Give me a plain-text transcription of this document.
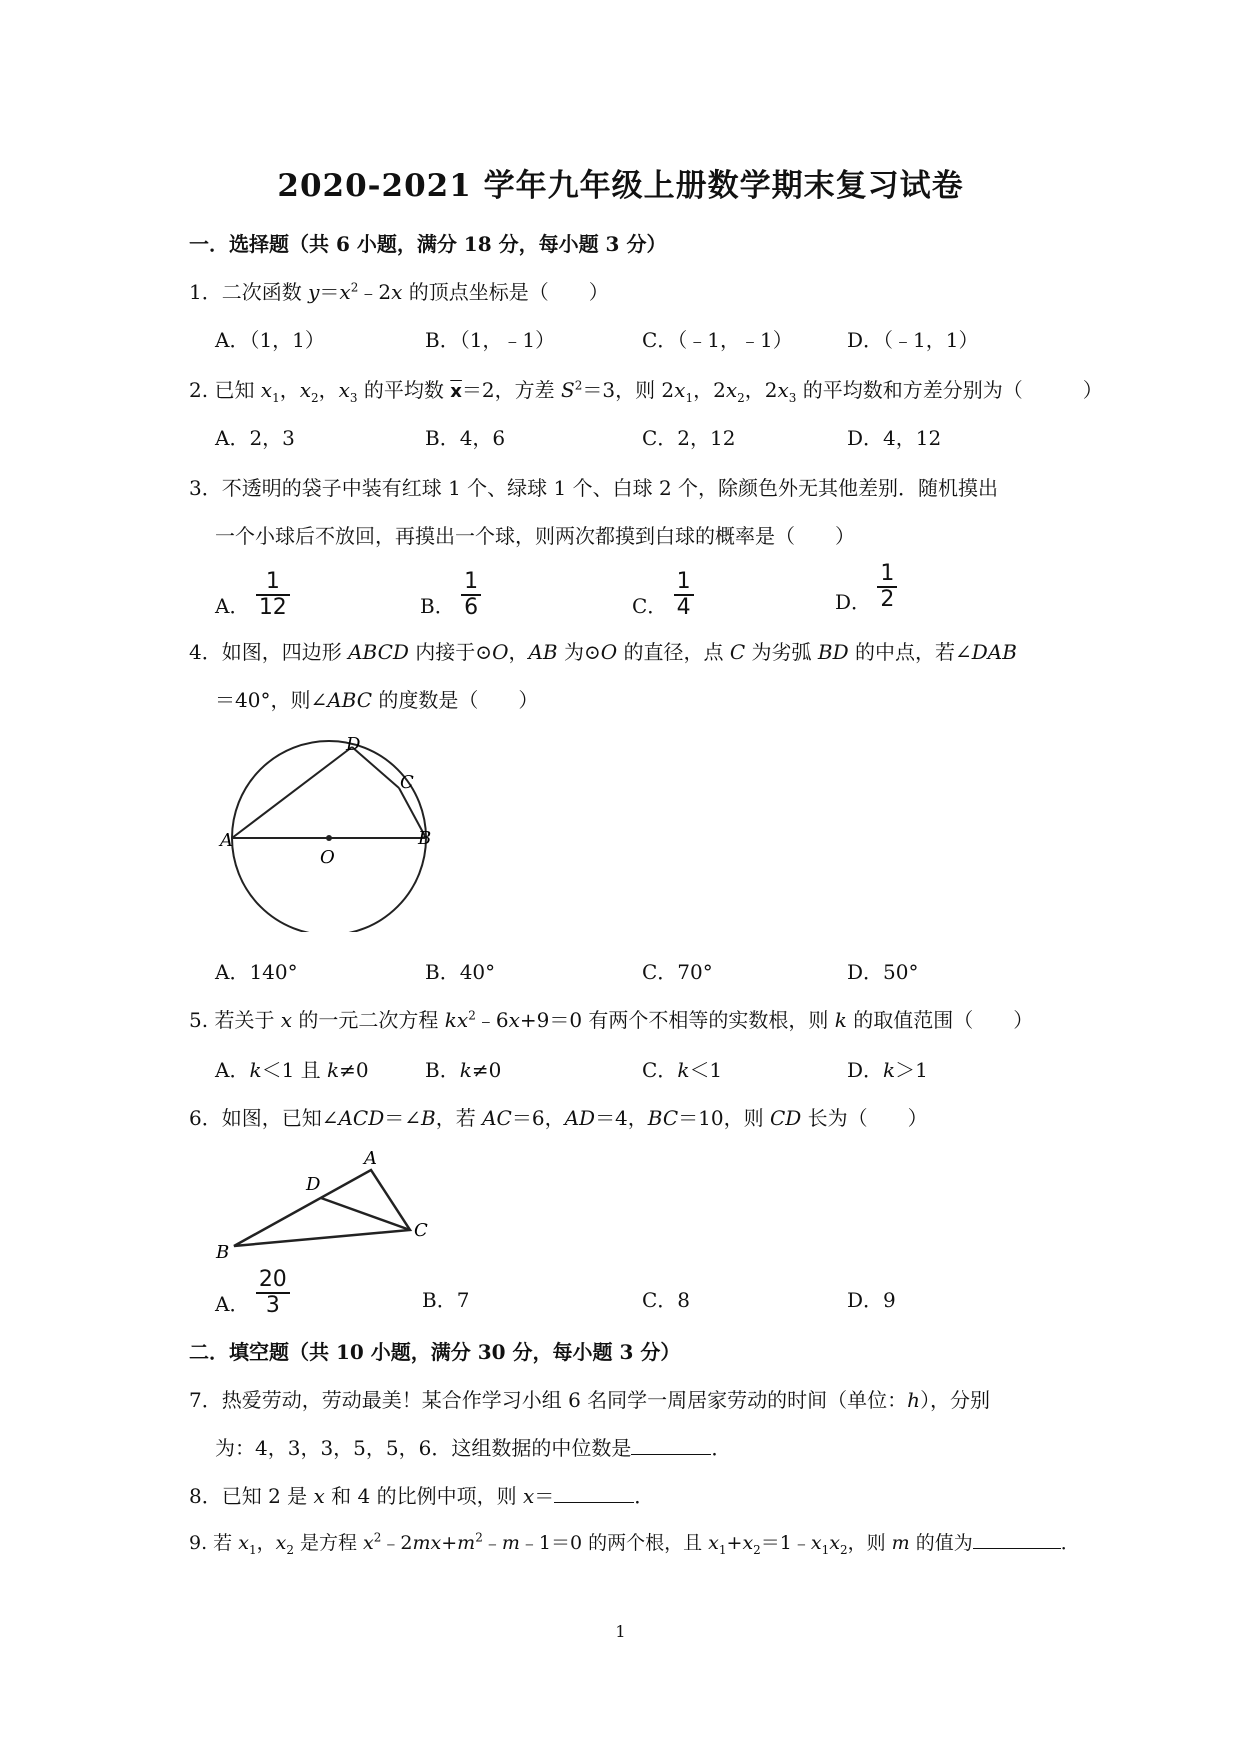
2020-2021 学年九年级上册数学期末复习试卷
一．选择题（共 6 小题，满分 18 分，每小题 3 分）
1．二次函数 $y=x^2﹣2x$ 的顶点坐标是（　　）
A．（1，1）	B．（1，﹣1）	C．（﹣1，﹣1）	D．（﹣1，1）
2. 已知 $x_1$，$x_2$，$x_3$ 的平均数 $\overline{x}=2$，方差 $S^2=3$，则 $2x_1$，$2x_2$，$2x_3$ 的平均数和方差分别为（　　　）
A．2，3	B．4，6	C．2，12	D．4，12
3．不透明的袋子中装有红球 1 个、绿球 1 个、白球 2 个，除颜色外无其他差别．随机摸出
一个小球后不放回，再摸出一个球，则两次都摸到白球的概率是（　　）
A． $\frac{1}{12}$	B． $\frac{1}{6}$	C． $\frac{1}{4}$	D． $\frac{1}{2}$
4．如图，四边形 ABCD 内接于⊙O，AB 为⊙O 的直径，点 C 为劣弧 BD 的中点，若∠DAB
＝40°，则∠ABC 的度数是（　　）
A	B
C
D
O
A．140°	B．40°	C．70°	D．50°
5. 若关于 x 的一元二次方程 $kx^2﹣6x+9=0$ 有两个不相等的实数根，则 k 的取值范围（　　）
A．k＜1 且 k≠0	B．k≠0	C．k＜1	D．k＞1
6．如图，已知∠ACD＝∠B，若 AC＝6，AD＝4，BC＝10，则 CD 长为（　　）
A
B
C
D
A． $\frac{20}{3}$	B．7	C．8	D．9
二．填空题（共 10 小题，满分 30 分，每小题 3 分）
7．热爱劳动，劳动最美！某合作学习小组 6 名同学一周居家劳动的时间（单位：h），分别
为：4，3，3，5，5，6．这组数据的中位数是	．
8．已知 2 是 x 和 4 的比例中项，则 x＝	．
9. 若 $x_1$，$x_2$ 是方程 $x^2﹣2mx+m^2﹣m﹣1=0$ 的两个根，且 $x_1+x_2=1﹣x_1x_2$，则 m 的值为	．
1
